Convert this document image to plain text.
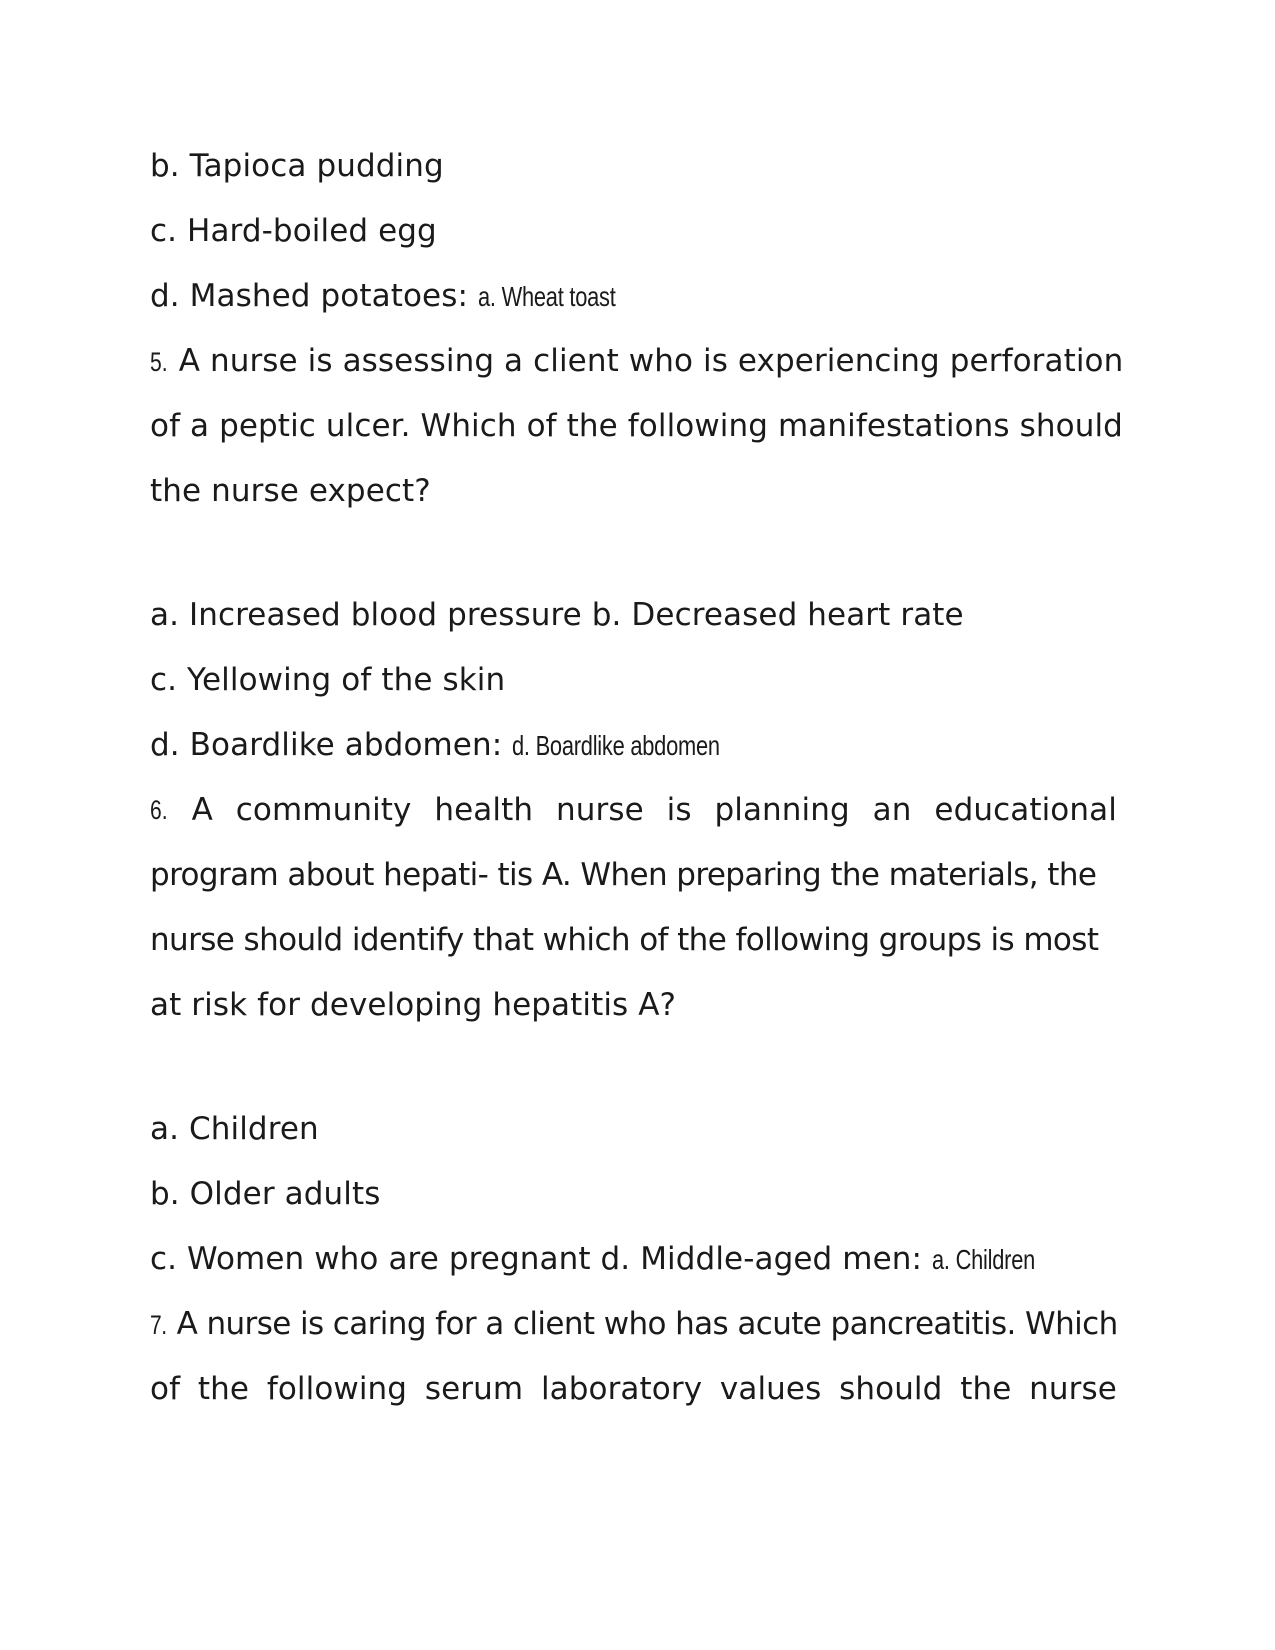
b. Tapioca pudding
c. Hard-boiled egg
d. Mashed potatoes: a. Wheat toast
5. A nurse is assessing a client who is experiencing perforation
of a peptic ulcer. Which of the following manifestations should
the nurse expect?
a. Increased blood pressure b. Decreased heart rate
c. Yellowing of the skin
d. Boardlike abdomen: d. Boardlike abdomen
6. A community health nurse is planning an educational
program about hepati- tis A. When preparing the materials, the
nurse should identify that which of the following groups is most
at risk for developing hepatitis A?
a. Children
b. Older adults
c. Women who are pregnant d. Middle-aged men: a. Children
7. A nurse is caring for a client who has acute pancreatitis. Which
of the following serum laboratory values should the nurse
